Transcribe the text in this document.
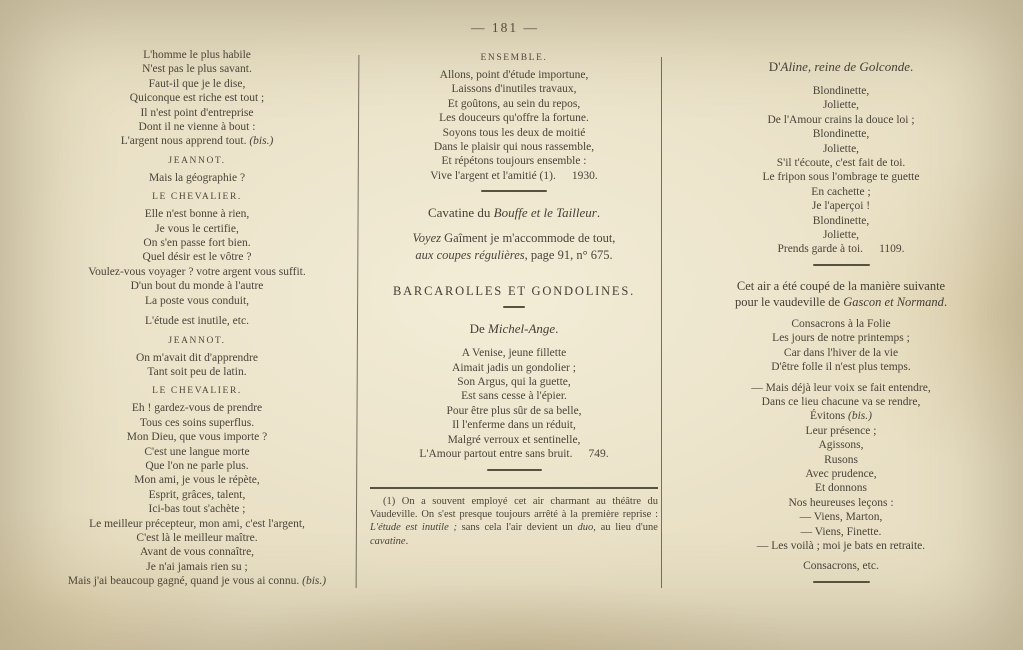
— 181 —
L'homme le plus habile
N'est pas le plus savant.
Faut-il que je le dise,
Quiconque est riche est tout ;
Il n'est point d'entreprise
Dont il ne vienne à bout :
L'argent nous apprend tout. (bis.)
JEANNOT.
Mais la géographie ?
LE CHEVALIER.
Elle n'est bonne à rien,
Je vous le certifie,
On s'en passe fort bien.
Quel désir est le vôtre ?
Voulez-vous voyager ? votre argent vous suffit.
D'un bout du monde à l'autre
La poste vous conduit,
L'étude est inutile, etc.
JEANNOT.
On m'avait dit d'apprendre
Tant soit peu de latin.
LE CHEVALIER.
Eh ! gardez-vous de prendre
Tous ces soins superflus.
Mon Dieu, que vous importe ?
C'est une langue morte
Que l'on ne parle plus.
Mon ami, je vous le répète,
Esprit, grâces, talent,
Ici-bas tout s'achète ;
Le meilleur précepteur, mon ami, c'est l'argent,
C'est là le meilleur maître.
Avant de vous connaître,
Je n'ai jamais rien su ;
Mais j'ai beaucoup gagné, quand je vous ai connu. (bis.)
ENSEMBLE.
Allons, point d'étude importune,
Laissons d'inutiles travaux,
Et goûtons, au sein du repos,
Les douceurs qu'offre la fortune.
Soyons tous les deux de moitié
Dans le plaisir qui nous rassemble,
Et répétons toujours ensemble :
Vive l'argent et l'amitié (1). 1930.
Cavatine du Bouffe et le Tailleur.
Voyez Gaîment je m'accommode de tout,
aux coupes régulières, page 91, n° 675.
BARCAROLLES ET GONDOLINES.
De Michel-Ange.
A Venise, jeune fillette
Aimait jadis un gondolier ;
Son Argus, qui la guette,
Est sans cesse à l'épier.
Pour être plus sûr de sa belle,
Il l'enferme dans un réduit,
Malgré verroux et sentinelle,
L'Amour partout entre sans bruit. 749.

(1) On a souvent employé cet air charmant au théâtre du Vaudeville. On s'est presque toujours arrêté à la première reprise : L'étude est inutile ; sans cela l'air devient un duo, au lieu d'une cavatine.

D'Aline, reine de Golconde.
Blondinette,
Joliette,
De l'Amour crains la douce loi ;
Blondinette,
Joliette,
S'il t'écoute, c'est fait de toi.
Le fripon sous l'ombrage te guette
En cachette ;
Je l'aperçoi !
Blondinette,
Joliette,
Prends garde à toi. 1109.
Cet air a été coupé de la manière suivante
pour le vaudeville de Gascon et Normand.
Consacrons à la Folie
Les jours de notre printemps ;
Car dans l'hiver de la vie
D'être folle il n'est plus temps.
— Mais déjà leur voix se fait entendre,
Dans ce lieu chacune va se rendre,
Évitons (bis.)
Leur présence ;
Agissons,
Rusons
Avec prudence,
Et donnons
Nos heureuses leçons :
— Viens, Marton,
— Viens, Finette.
— Les voilà ; moi je bats en retraite.
Consacrons, etc.
